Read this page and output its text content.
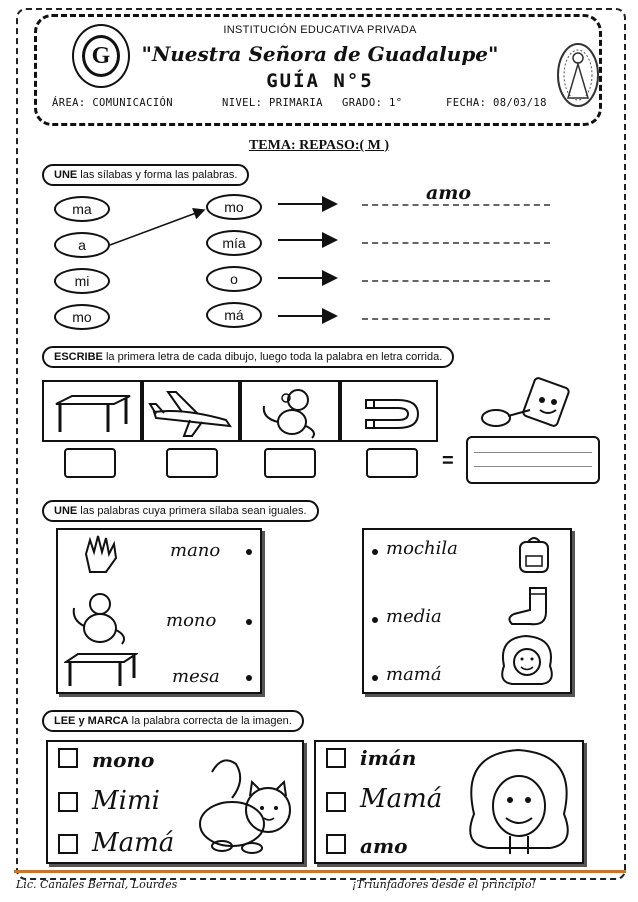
G
INSTITUCIÓN EDUCATIVA PRIVADA
"Nuestra Señora de Guadalupe"
GUÍA N°5
ÁREA: COMUNICACIÓN	NIVEL: PRIMARIA GRADO: 1°	FECHA: 08/03/18
TEMA: REPASO:( M )
UNE las sílabas y forma las palabras.
ma
a
mi
mo
mo
mía
o
má
amo
ESCRIBE la primera letra de cada dibujo, luego toda la palabra en letra corrida.
=
UNE las palabras cuya primera sílaba sean iguales.
mano
mono
mesa
mochila
media
mamá
LEE y MARCA la palabra correcta de la imagen.
mono
Mimi
Mamá
imán
Mamá
amo
Lic. Canales Bernal, Lourdes	¡Triunfadores desde el principio!
